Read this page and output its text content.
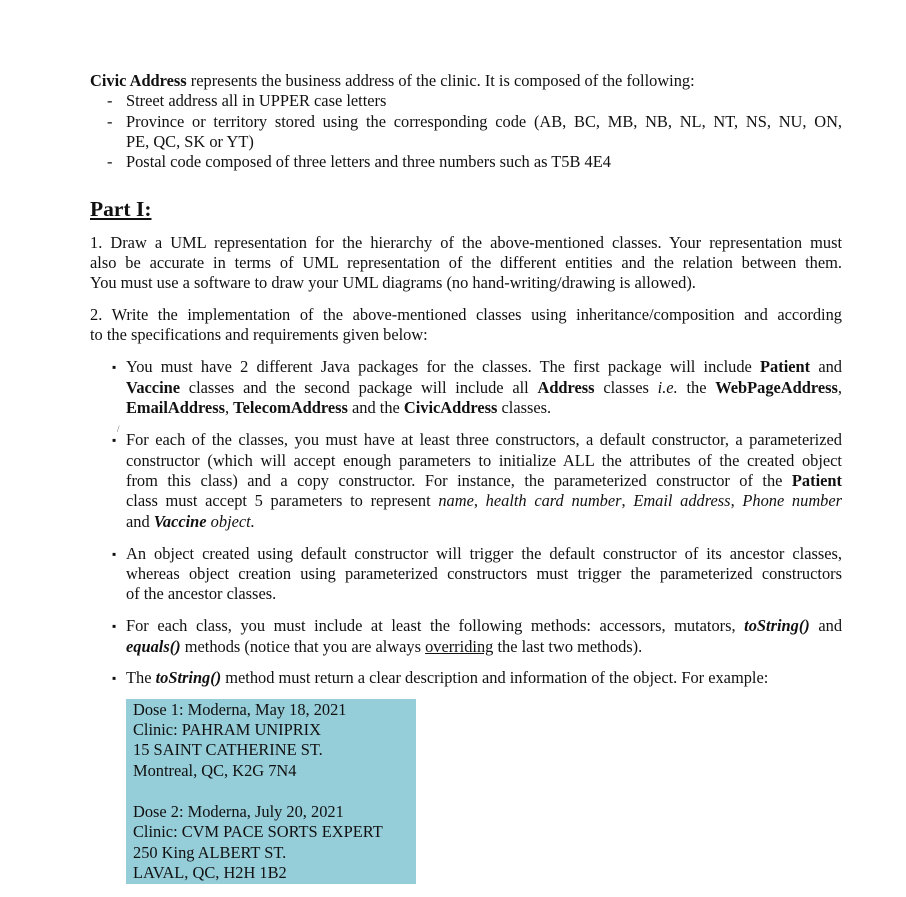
Civic Address represents the business address of the clinic. It is composed of the following:
- Street address all in UPPER case letters
- Province or territory stored using the corresponding code (AB, BC, MB, NB, NL, NT, NS, NU, ON,
PE, QC, SK or YT)
- Postal code composed of three letters and three numbers such as T5B 4E4
Part I:
1. Draw a UML representation for the hierarchy of the above-mentioned classes. Your representation must
also be accurate in terms of UML representation of the different entities and the relation between them.
You must use a software to draw your UML diagrams (no hand-writing/drawing is allowed).
2. Write the implementation of the above-mentioned classes using inheritance/composition and according
to the specifications and requirements given below:
▪ You must have 2 different Java packages for the classes. The first package will include Patient and
Vaccine classes and the second package will include all Address classes i.e. the WebPageAddress,
EmailAddress, TelecomAddress and the CivicAddress classes.
/
▪ For each of the classes, you must have at least three constructors, a default constructor, a parameterized
constructor (which will accept enough parameters to initialize ALL the attributes of the created object
from this class) and a copy constructor. For instance, the parameterized constructor of the Patient
class must accept 5 parameters to represent name, health card number, Email address, Phone number
and Vaccine object.
▪ An object created using default constructor will trigger the default constructor of its ancestor classes,
whereas object creation using parameterized constructors must trigger the parameterized constructors
of the ancestor classes.
▪ For each class, you must include at least the following methods: accessors, mutators, toString() and
equals() methods (notice that you are always overriding the last two methods).
▪ The toString() method must return a clear description and information of the object. For example:
Dose 1: Moderna, May 18, 2021
Clinic: PAHRAM UNIPRIX
15 SAINT CATHERINE ST.
Montreal, QC, K2G 7N4
Dose 2: Moderna, July 20, 2021
Clinic: CVM PACE SORTS EXPERT
250 King ALBERT ST.
LAVAL, QC, H2H 1B2
